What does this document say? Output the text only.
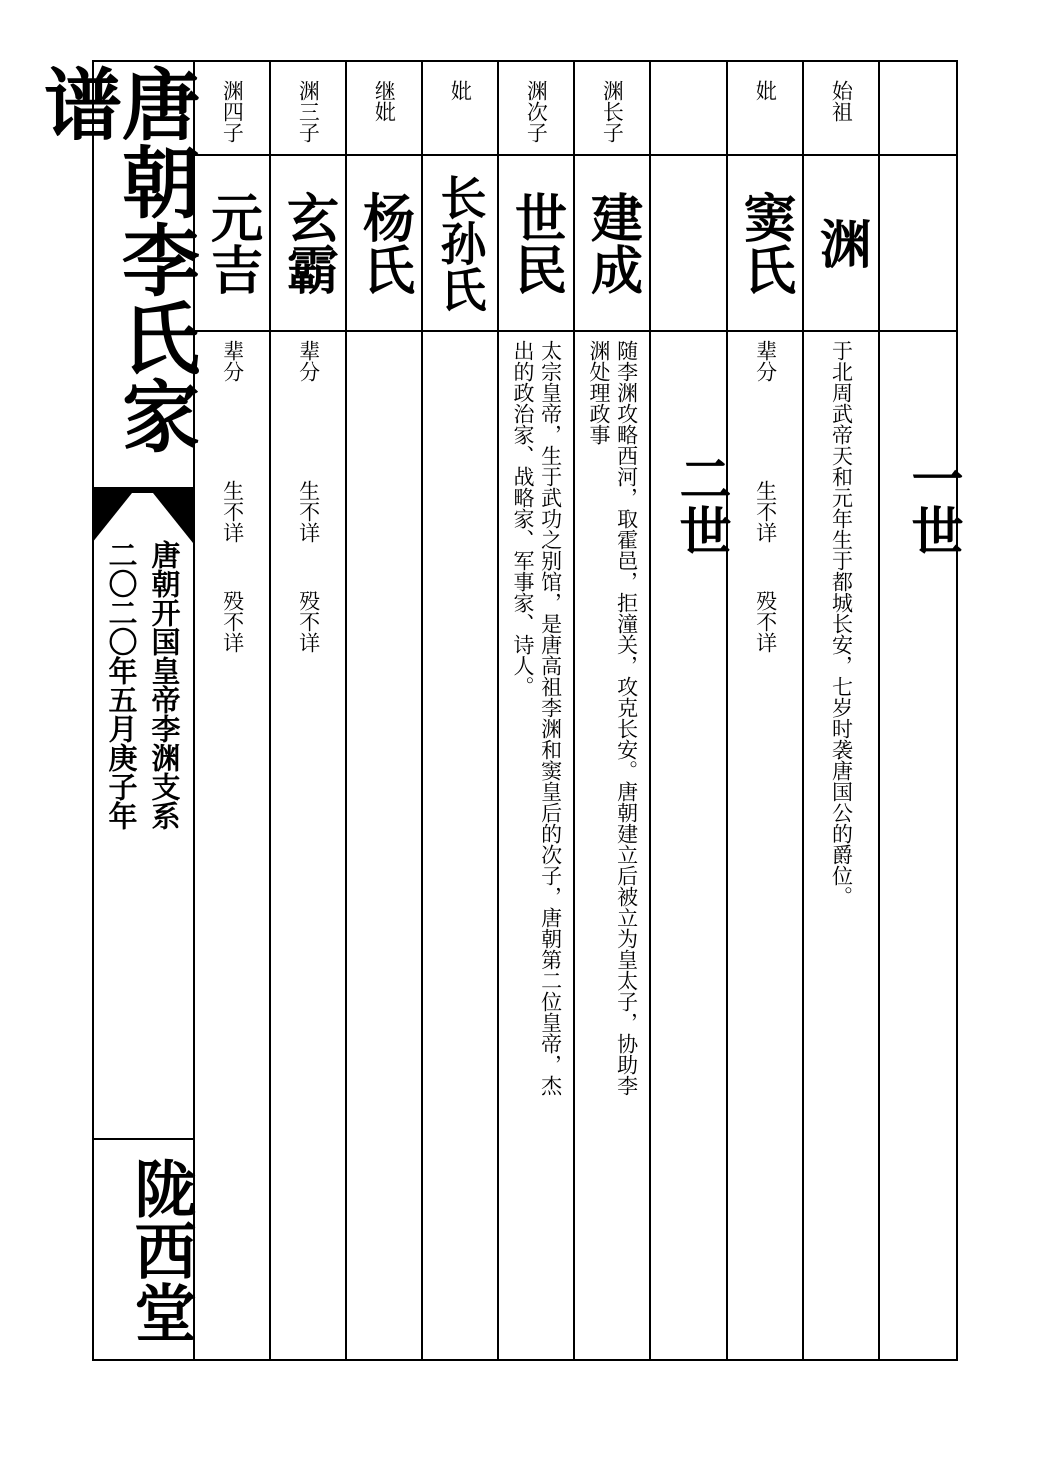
唐朝李氏家谱
唐朝开国皇帝李渊支系
二〇二〇年五月庚子年
陇西堂
渊四子
元吉
辈分
生不详
殁不详
渊三子
玄霸
辈分
生不详
殁不详
继妣
杨氏
妣
长孙氏
渊次子
世民
太宗皇帝，生于武功之别馆，是唐高祖李渊和窦皇后的次子，唐朝第二位皇帝，杰
出的政治家、战略家、军事家、诗人。
渊长子
建成
随李渊攻略西河，取霍邑，拒潼关，攻克长安。唐朝建立后被立为皇太子，协助李
渊处理政事
二世
妣
窦氏
辈分
生不详
殁不详
始祖
渊
于北周武帝天和元年生于都城长安，七岁时袭唐国公的爵位。 一世
